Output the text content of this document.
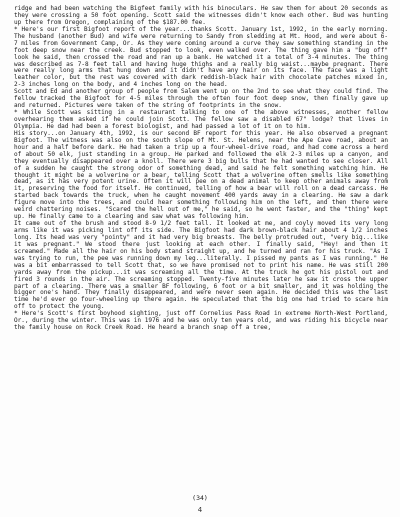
ridge and had been watching the Bigfeet family with his binoculars. He saw them for about 20 seconds as they were crossing a 50 foot opening. Scott said the witnesses didn't know each other. Bud was hunting up there from Oregon, complaining of the $187.00 fee.

* Here's our first Bigfoot report of the year...thanks Scott. January 1st, 1992, in the early morning. The husband (another Bud) and wife were returning to Sandy from sledding at Mt. Hood, and were about 6-7 miles from Government Camp, Or. As they were coming around a curve they saw something standing in the foot deep snow near the creek. Bud stopped to look, even walked over. The thing gave him a "bug off" look he said, then crossed the road and ran up a bank. He watched it a total of 3-4 minutes. The thing was described as 7-8 feet tall and having huge thighs and a really big waist...maybe pregnant. There were really long arms that hung down and it didn't have any hair on its face. The face was a light leather color, but the rest was covered with dark reddish-black hair with chocolate patches mixed in, 2-3 inches long on the body, and 4 inches long on the head.

Scott and Ed and another group of people from Salem went up on the 2nd to see what they could find. The fellow tracked the Bigfoot for 4-5 miles through the often four foot deep snow, then finally gave up and returned. Pictures were taken of the string of footprints in the snow.

* While Scott was sitting in a restaurant talking to one of the above witnesses, another fellow overhearing them asked if he could join Scott. The fellow saw a disabled 67" lodge? that lives in Olympia. He dad had been a forest biologist, and had passed a lot of it on to him.

His story...on January 4th, 1992, is our second BF report for this year. He also observed a pregnant Bigfoot. The witness was also on the south slope of Mt. St. Helens, near the Ape Cave road, about an hour and a half before dark. He had taken a trip up a four-wheel-drive road, and had come across a herd of about 50 elk, just standing in a group. He parked and followed the elk 2-3 miles up a canyon, and they eventually disappeared over a knoll. There were 3 big bulls that he had wanted to see closer. All of a sudden he caught the strong odor of something dead, and said he felt something watching him. He thought it might be a wolverine or a bear, telling Scott that a wolverine often smells like something dead, as it has very potent urine. Often it will pee on a dead animal to keep other animals away from it, preserving the food for itself. He continued, telling of how a bear will roll on a dead carcass. He started back towards the truck, when he caught movement 400 yards away in a clearing. He saw a dark figure move into the trees, and could hear something following him on the left, and then there were weird chattering noises. "Scared the hell out of me," he said, so he went faster, and the "thing" kept up. He finally came to a clearing and saw what was following him.

It came out of the brush and stood 8-9 1/2 feet tall. It looked at me, and coyly moved its very long arms like it was picking lint off its side. The Bigfoot had dark brown-black hair about 4 1/2 inches long. Its head was very "pointy" and it had very big breasts. The belly protruded out, "very big...like it was pregnant." We stood there just looking at each other. I finally said, "Hey! and then it screamed." Made all the hair on his body stand straight up, and he turned and ran for his truck. "As I was trying to run, the pee was running down my leg...literally. I pissed my pants as I was running." He was a bit embarrassed to tell Scott that, so we have promised not to print his name. He was still 200 yards away from the pickup...it was screaming all the time. At the truck he got his pistol out and fired 3 rounds in the air. The screaming stopped. Twenty-five minutes later he saw it cross the upper part of a clearing. There was a smaller BF following, 6 foot or a bit smaller, and it was holding the bigger one's hand. They finally disappeared, and were never seen again. He decided this was the last time he'd ever go four-wheeling up there again. He speculated that the big one had tried to scare him off to protect the young.

* Here's Scott's first boyhood sighting, just off Cornelius Pass Road in extreme North-West Portland, Or., during the winter. This was in 1976 and he was only ten years old, and was riding his bicycle near the family house on Rock Creek Road. He heard a branch snap off a tree,

(34)
4
